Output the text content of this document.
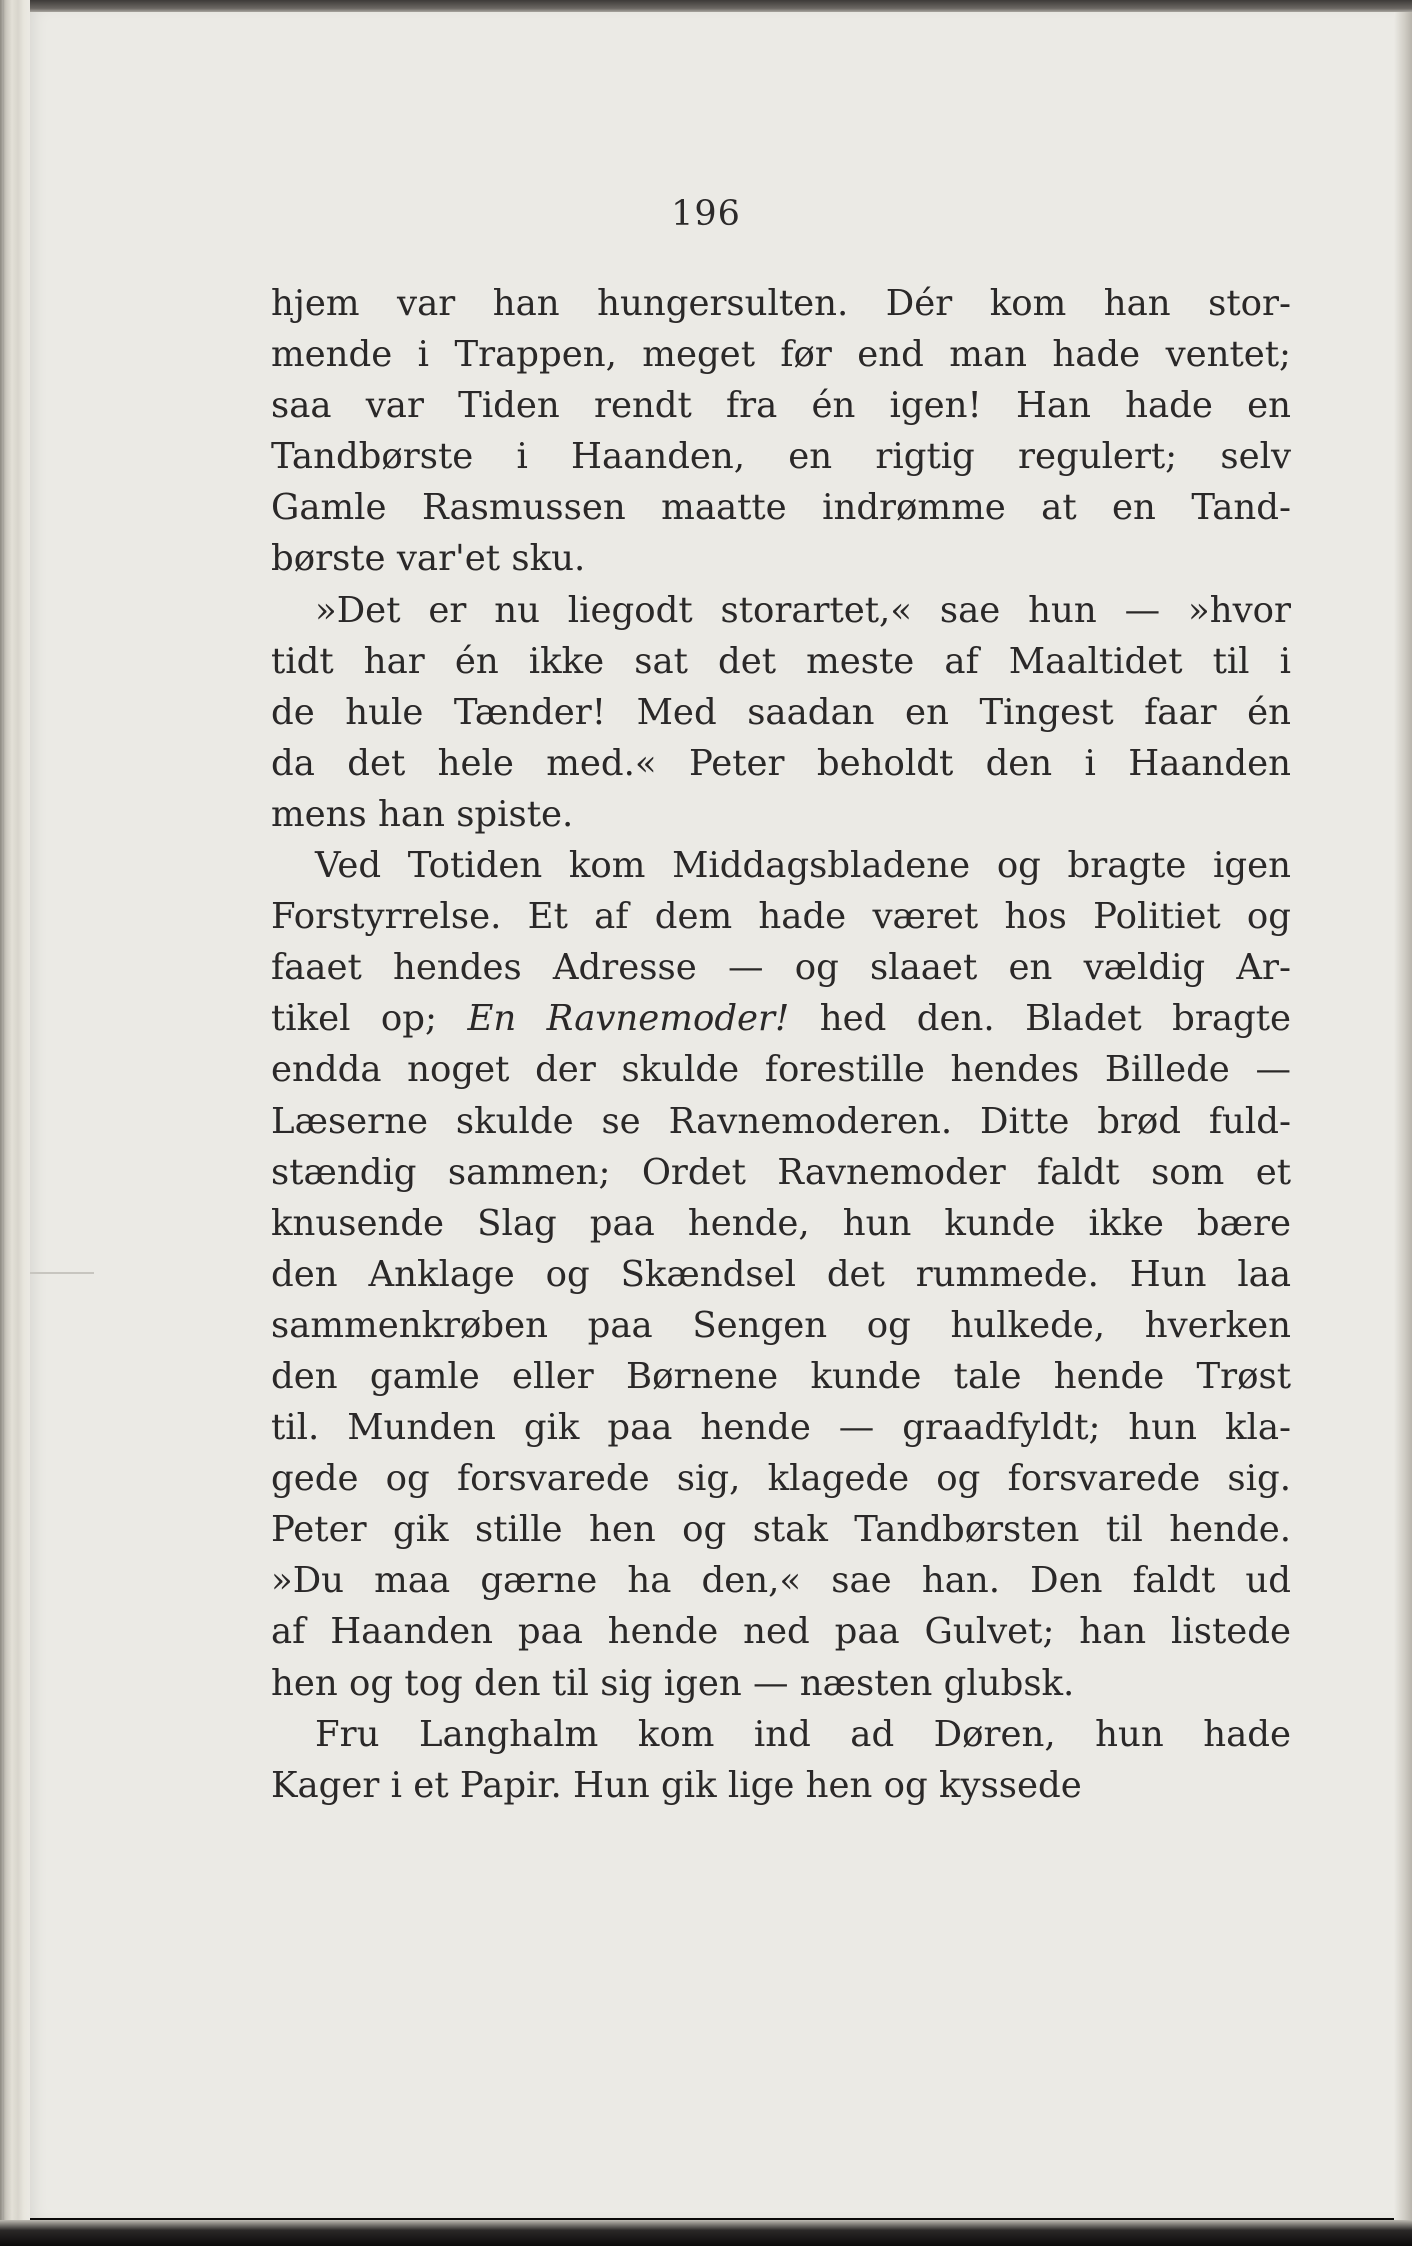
196
hjem var han hungersulten. Dér kom han stor-
mende i Trappen, meget før end man hade ventet;
saa var Tiden rendt fra én igen! Han hade en
Tandbørste i Haanden, en rigtig regulert; selv
Gamle Rasmussen maatte indrømme at en Tand-
børste var'et sku.
»Det er nu liegodt storartet,« sae hun — »hvor
tidt har én ikke sat det meste af Maaltidet til i
de hule Tænder! Med saadan en Tingest faar én
da det hele med.« Peter beholdt den i Haanden
mens han spiste.
Ved Totiden kom Middagsbladene og bragte igen
Forstyrrelse. Et af dem hade været hos Politiet og
faaet hendes Adresse — og slaaet en vældig Ar-
tikel op; En Ravnemoder! hed den. Bladet bragte
endda noget der skulde forestille hendes Billede —
Læserne skulde se Ravnemoderen. Ditte brød fuld-
stændig sammen; Ordet Ravnemoder faldt som et
knusende Slag paa hende, hun kunde ikke bære
den Anklage og Skændsel det rummede. Hun laa
sammenkrøben paa Sengen og hulkede, hverken
den gamle eller Børnene kunde tale hende Trøst
til. Munden gik paa hende — graadfyldt; hun kla-
gede og forsvarede sig, klagede og forsvarede sig.
Peter gik stille hen og stak Tandbørsten til hende.
»Du maa gærne ha den,« sae han. Den faldt ud
af Haanden paa hende ned paa Gulvet; han listede
hen og tog den til sig igen — næsten glubsk.
Fru Langhalm kom ind ad Døren, hun hade
Kager i et Papir. Hun gik lige hen og kyssede
